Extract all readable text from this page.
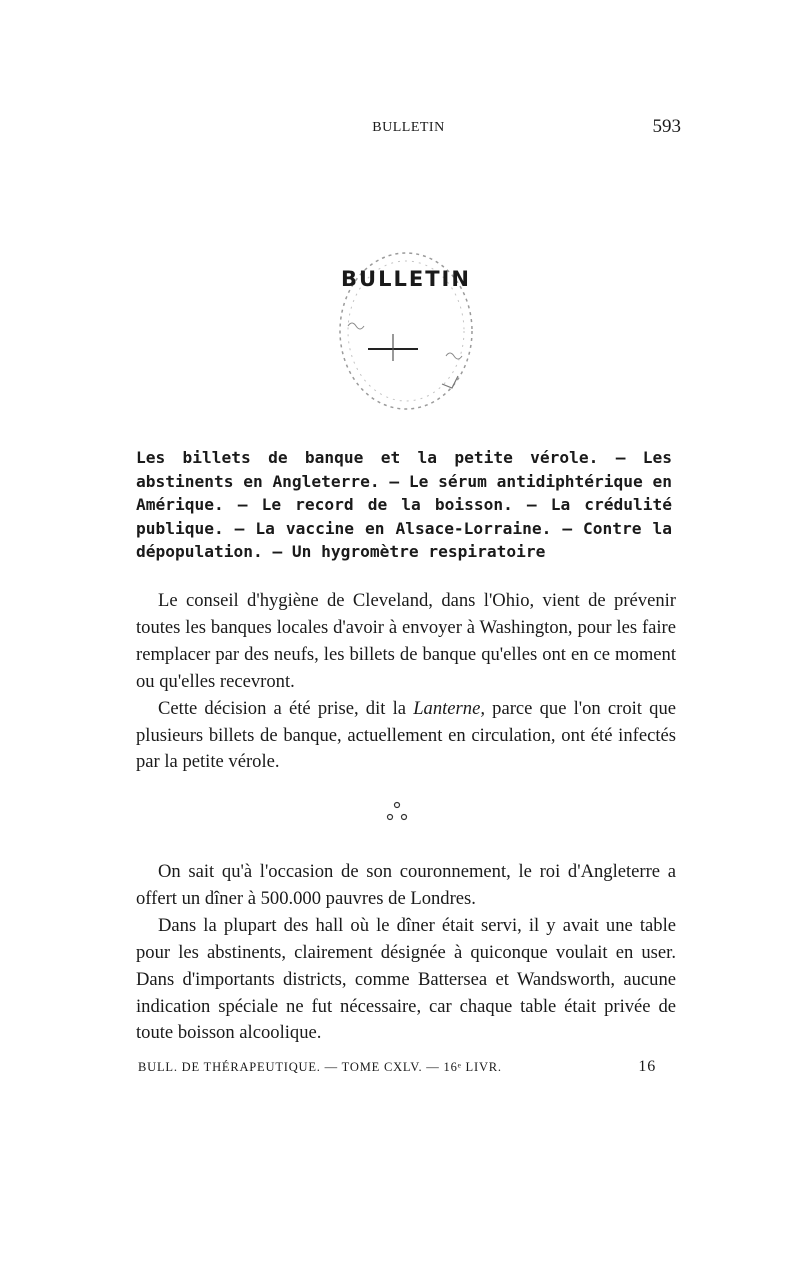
BULLETIN	593
BULLETIN
Les billets de banque et la petite vérole. — Les abstinents en Angleterre. — Le sérum antidiphtérique en Amérique. — Le record de la boisson. — La crédulité publique. — La vaccine en Alsace-Lorraine. — Contre la dépopulation. — Un hygromètre respiratoire

Le conseil d'hygiène de Cleveland, dans l'Ohio, vient de prévenir toutes les banques locales d'avoir à envoyer à Washington, pour les faire remplacer par des neufs, les billets de banque qu'elles ont en ce moment ou qu'elles recevront.

Cette décision a été prise, dit la Lanterne, parce que l'on croit que plusieurs billets de banque, actuellement en circulation, ont été infectés par la petite vérole.

On sait qu'à l'occasion de son couronnement, le roi d'Angleterre a offert un dîner à 500.000 pauvres de Londres.

Dans la plupart des hall où le dîner était servi, il y avait une table pour les abstinents, clairement désignée à quiconque voulait en user. Dans d'importants districts, comme Battersea et Wandsworth, aucune indication spéciale ne fut nécessaire, car chaque table était privée de toute boisson alcoolique.

BULL. DE THÉRAPEUTIQUE. — TOME CXLV. — 16ᵉ LIVR.	16
